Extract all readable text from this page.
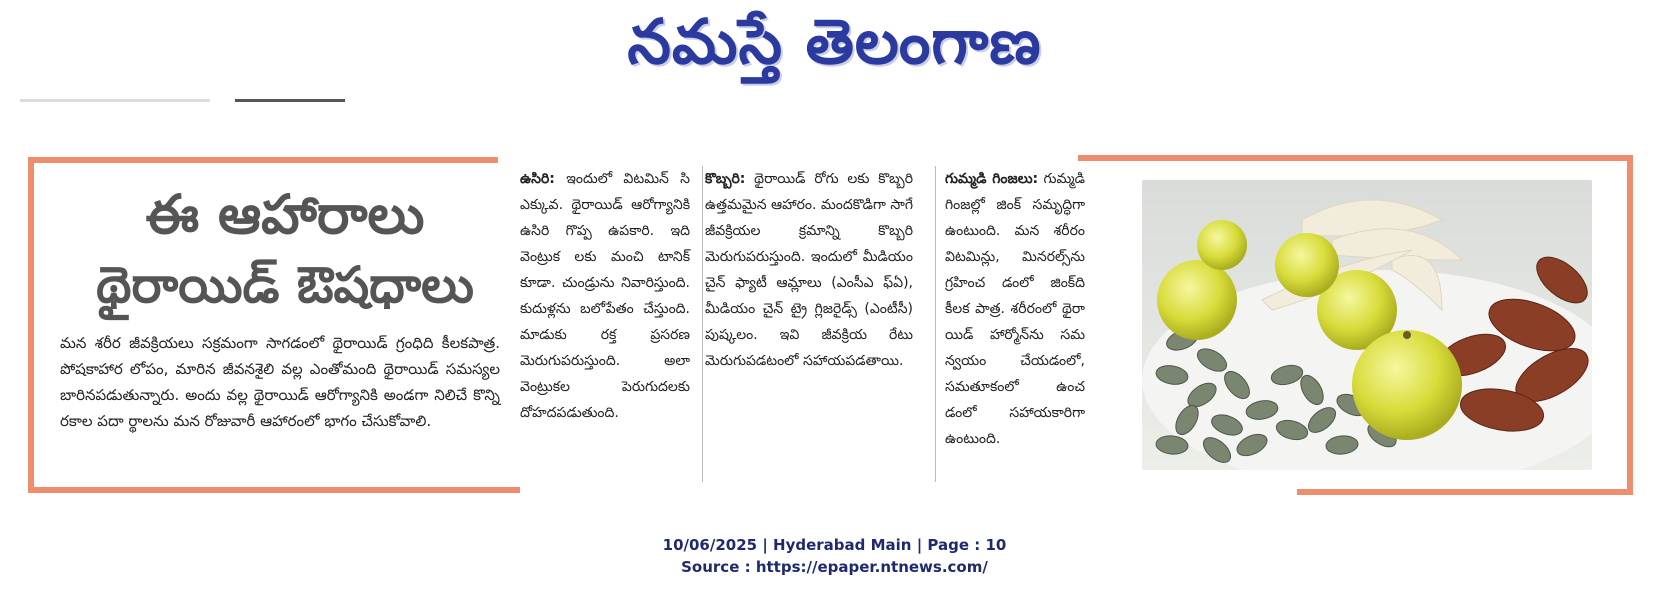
నమస్తే తెలంగాణ
ఈ ఆహారాలు
థైరాయిడ్ ఔషధాలు
మన శరీర జీవక్రియలు సక్రమంగా సాగడంలో థైరాయిడ్ గ్రంధిది కీలకపాత్ర. పోషకాహార లోపం, మారిన జీవనశైలి వల్ల ఎంతోమంది థైరాయిడ్ సమస్యల బారినపడుతున్నారు. అందు వల్ల థైరాయిడ్ ఆరోగ్యానికి అండగా నిలిచే కొన్ని రకాల పదా ర్థాలను మన రోజువారీ ఆహారంలో భాగం చేసుకోవాలి.
ఉసిరి: ఇందులో విటమిన్ సి ఎక్కువ. థైరాయిడ్ ఆరోగ్యానికి ఉసిరి గొప్ప ఉపకారి. ఇది వెంట్రుక లకు మంచి టానిక్ కూడా. చుండ్రును నివారిస్తుంది. కుదుళ్లను బలోపేతం చేస్తుంది. మాడుకు రక్త ప్రసరణ మెరుగుపరుస్తుంది. అలా వెంట్రుకల పెరుగుదలకు దోహదపడుతుంది.
కొబ్బరి: థైరాయిడ్ రోగు లకు కొబ్బరి ఉత్తమమైన ఆహారం. మందకొడిగా సాగే జీవక్రియల క్రమాన్ని కొబ్బరి మెరుగుపరుస్తుంది. ఇందులో మీడియం చైన్ ఫ్యాటీ ఆమ్లాలు (ఎంసీఎ ఫ్ఏ), మీడియం చైన్ ట్రై గ్లిజరైడ్స్ (ఎంటీసీ) పుష్కలం. ఇవి జీవక్రియ రేటు మెరుగుపడటంలో సహాయపడతాయి.
గుమ్మడి గింజలు: గుమ్మడి గింజల్లో జింక్ సమృద్ధిగా ఉంటుంది. మన శరీరం విటమిన్లు, మినరల్స్‌ను గ్రహించ డంలో జింక్‌ది కీలక పాత్ర. శరీరంలో థైరా యిడ్ హార్మోన్‌ను సమ న్వయం చేయడంలో, సమతూకంలో ఉంచ డంలో సహాయకారిగా ఉంటుంది.
10/06/2025 | Hyderabad Main | Page : 10
Source : https://epaper.ntnews.com/
